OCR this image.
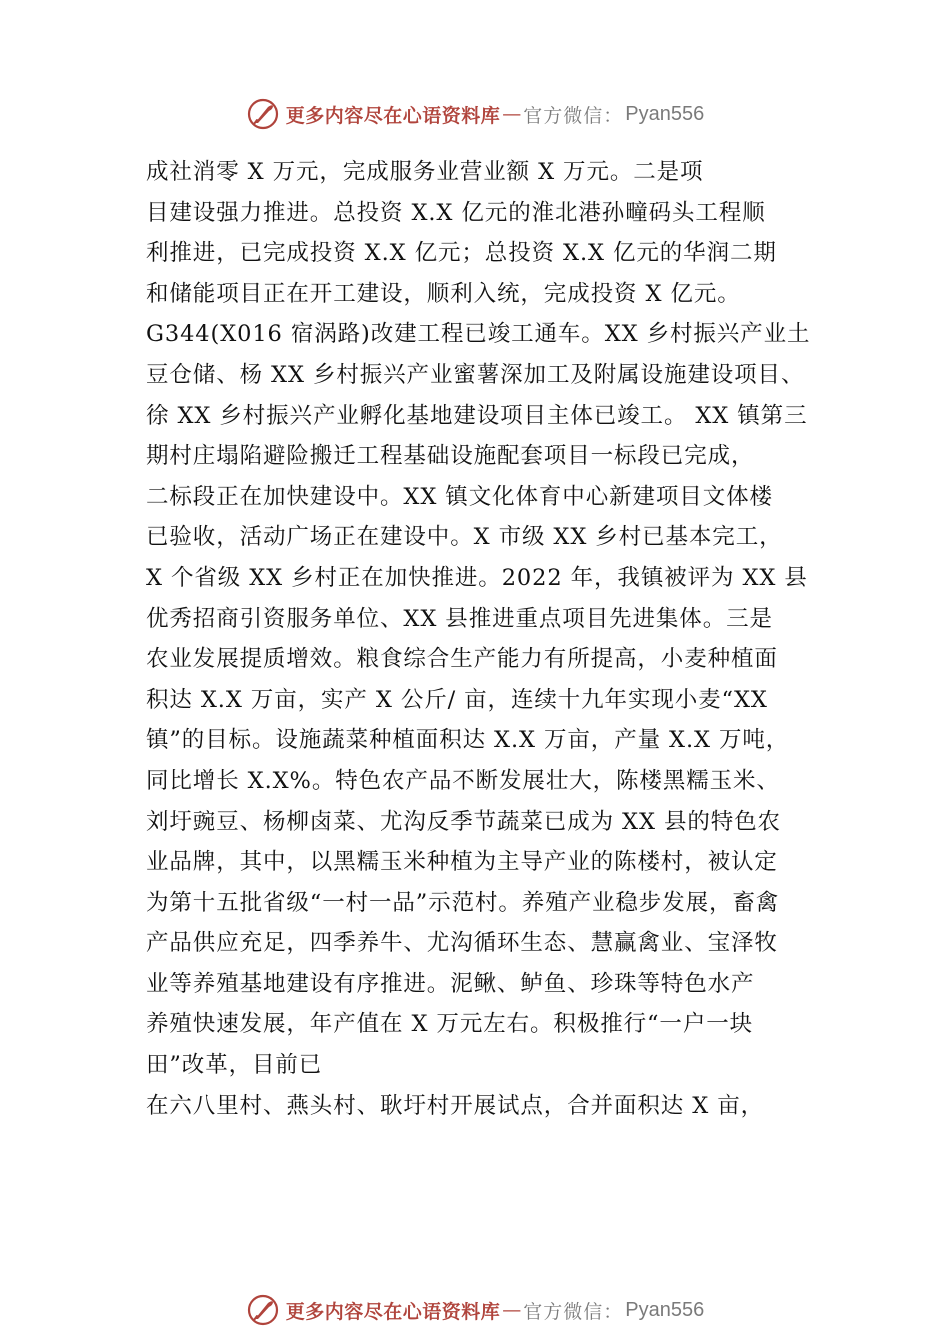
更多内容尽在心语资料库 — 官方微信： Pyan556
成社消零 X 万元，完成服务业营业额 X 万元。二是项
目建设强力推进。总投资 X.X 亿元的淮北港孙疃码头工程顺
利推进，已完成投资 X.X 亿元；总投资 X.X 亿元的华润二期
和储能项目正在开工建设，顺利入统，完成投资 X 亿元。
G344(X016 宿涡路)改建工程已竣工通车。XX 乡村振兴产业土
豆仓储、杨 XX 乡村振兴产业蜜薯深加工及附属设施建设项目、
徐 XX 乡村振兴产业孵化基地建设项目主体已竣工。 XX 镇第三
期村庄塌陷避险搬迁工程基础设施配套项目一标段已完成，
二标段正在加快建设中。XX 镇文化体育中心新建项目文体楼
已验收，活动广场正在建设中。X 市级 XX 乡村已基本完工，
X 个省级 XX 乡村正在加快推进。2022 年，我镇被评为 XX 县
优秀招商引资服务单位、XX 县推进重点项目先进集体。三是
农业发展提质增效。粮食综合生产能力有所提高，小麦种植面
积达 X.X 万亩，实产 X 公斤/ 亩，连续十九年实现小麦“XX
镇”的目标。设施蔬菜种植面积达 X.X 万亩，产量 X.X 万吨，
同比增长 X.X%。特色农产品不断发展壮大，陈楼黑糯玉米、
刘圩豌豆、杨柳卤菜、尤沟反季节蔬菜已成为 XX 县的特色农
业品牌，其中，以黑糯玉米种植为主导产业的陈楼村，被认定
为第十五批省级“一村一品”示范村。养殖产业稳步发展，畜禽
产品供应充足，四季养牛、尤沟循环生态、慧赢禽业、宝泽牧
业等养殖基地建设有序推进。泥鳅、鲈鱼、珍珠等特色水产
养殖快速发展，年产值在 X 万元左右。积极推行“一户一块
田”改革，目前已
在六八里村、燕头村、耿圩村开展试点，合并面积达 X 亩，
更多内容尽在心语资料库 — 官方微信： Pyan556
